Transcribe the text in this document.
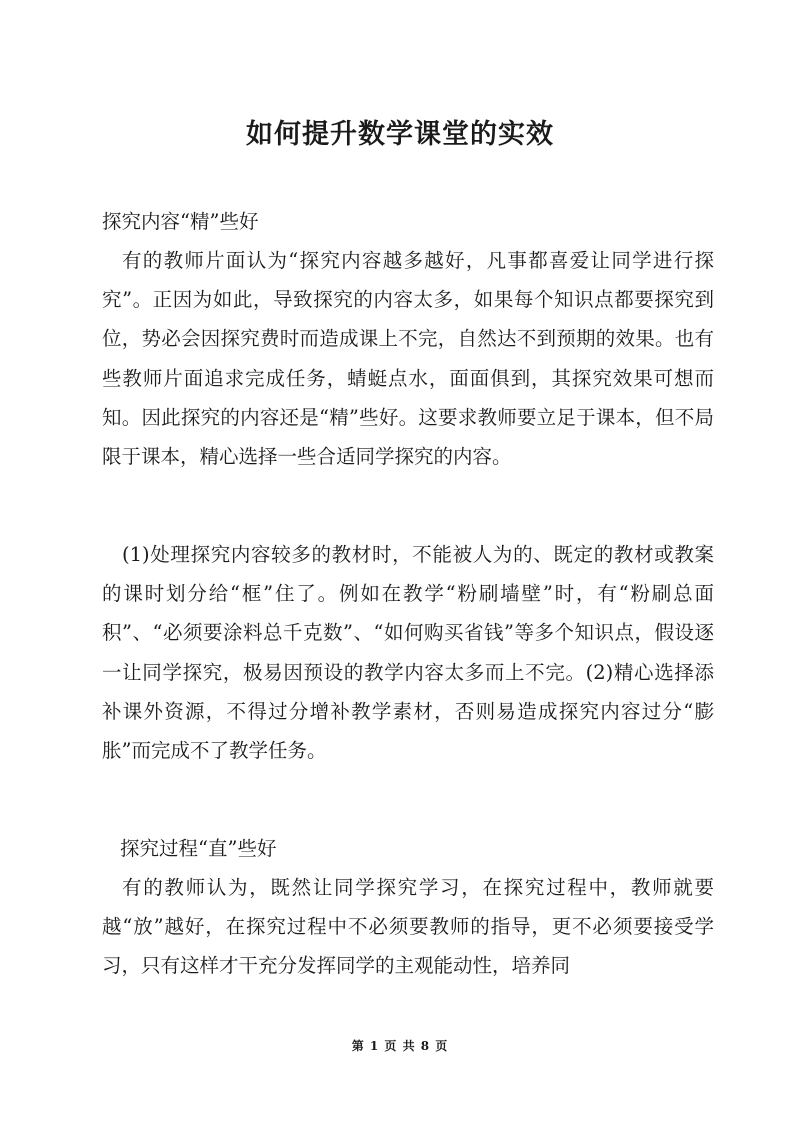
如何提升数学课堂的实效

探究内容“精”些好

有的教师片面认为“探究内容越多越好，凡事都喜爱让同学进行探究”。正因为如此，导致探究的内容太多，如果每个知识点都要探究到位，势必会因探究费时而造成课上不完，自然达不到预期的效果。也有些教师片面追求完成任务，蜻蜓点水，面面俱到，其探究效果可想而知。因此探究的内容还是“精”些好。这要求教师要立足于课本，但不局限于课本，精心选择一些合适同学探究的内容。

(1)处理探究内容较多的教材时，不能被人为的、既定的教材或教案的课时划分给“框”住了。例如在教学“粉刷墙壁”时，有“粉刷总面积”、“必须要涂料总千克数”、“如何购买省钱”等多个知识点，假设逐一让同学探究，极易因预设的教学内容太多而上不完。(2)精心选择添补课外资源，不得过分增补教学素材，否则易造成探究内容过分“膨胀”而完成不了教学任务。

探究过程“直”些好

有的教师认为，既然让同学探究学习，在探究过程中，教师就要越“放”越好，在探究过程中不必须要教师的指导，更不必须要接受学习，只有这样才干充分发挥同学的主观能动性，培养同

第 1 页 共 8 页
